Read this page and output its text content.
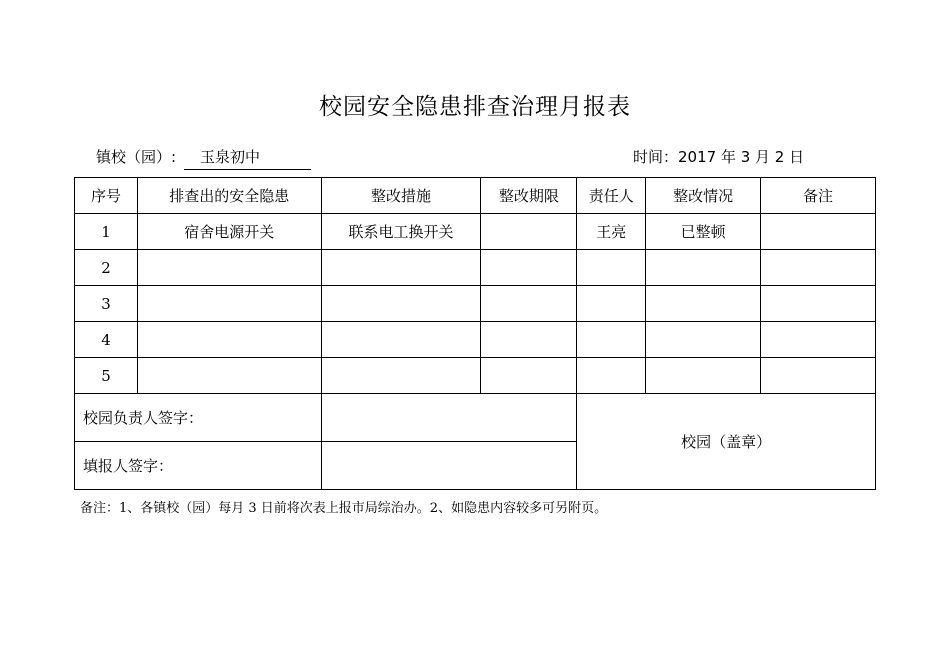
校园安全隐患排查治理月报表
镇校（园）:	玉泉初中	时间：2017 年 3 月 2 日
序号	排查出的安全隐患	整改措施	整改期限	责任人	整改情况	备注
1	宿舍电源开关	联系电工换开关		王亮	已整顿	
2						
3						
4						
5						
校园负责人签字：				校园（盖章）		
填报人签字：						
备注：1、各镇校（园）每月 3 日前将次表上报市局综治办。2、如隐患内容较多可另附页。
